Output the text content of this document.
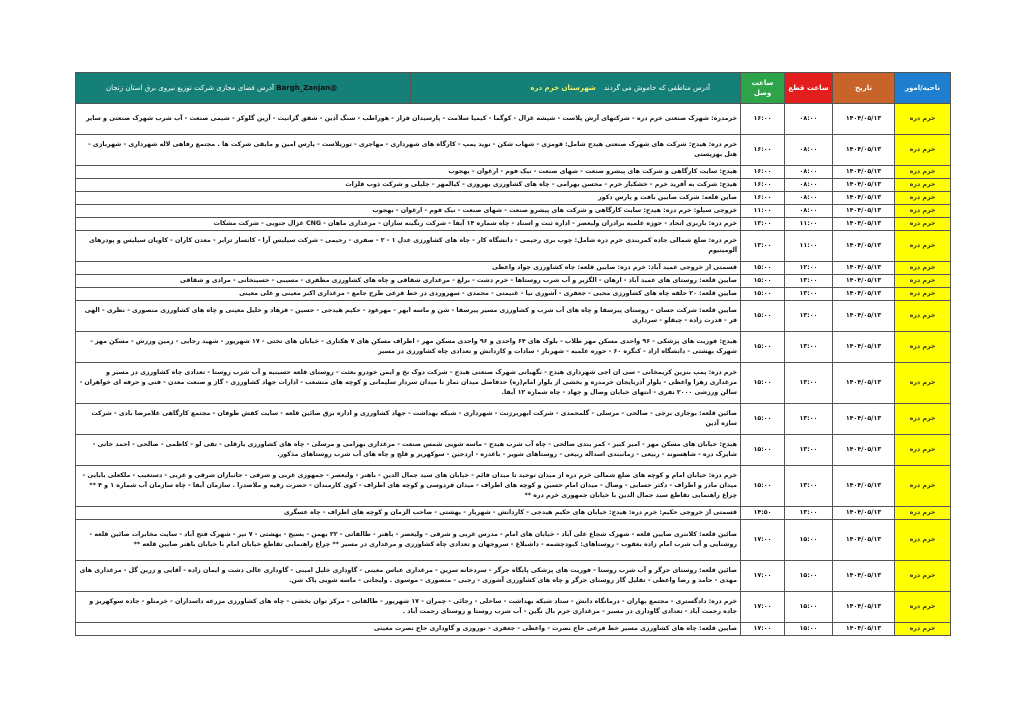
ناحیه/امور	تاریخ	ساعت قطع	ساعت وصل	آدرس مناطقی که خاموش می گردند شهرستان خرم دره	@Bargh_Zanjan آدرس فضای مجازی شرکت توزیع نیروی برق استان زنجان
خرم دره	۱۴۰۴/۰۵/۱۳	۰۸:۰۰	۱۶:۰۰	خرمدره: شهرک صنعتی خرم دره - شرکتهای آرش پلاست - شیشه غزال - کوگما - کیمیا سلامت - پارسیدان فراز - هوراطب - سنگ آذین - شقق گرانیت - آرین گلوکز - شیمی صنعت - آب شرب شهرک صنعتی و سایر	
خرم دره	۱۴۰۴/۰۵/۱۳	۰۸:۰۰	۱۶:۰۰	خرم دره: هیدج: شرکت های شهرک صنعتی هیدج شامل: قومزی - شهاب شکن - نوید پمپ - کارگاه های شهرداری - مهاجری - توریلاست - پارس امین و مابقی شرکت ها . مجتمع رفاهی لاله شهرداری - شهربازی - هتل بهزیستی	
خرم دره	۱۴۰۴/۰۵/۱۳	۰۸:۰۰	۱۶:۰۰	هیدج: سایت کارگاهی و شرکت های پیشرو صنعت - شهای صنعت - نیک فوم - ارغوان - بهجوب	
خرم دره	۱۴۰۴/۰۵/۱۳	۰۸:۰۰	۱۶:۰۰	هیدج: شرکت به آفرید خرم - خشکبار خرم - محسن بهرامی - چاه های کشاورزی بهروزی - کیالمهر - جلیلی و شرکت ذوب فلزات	
خرم دره	۱۴۰۴/۰۵/۱۳	۰۸:۰۰	۱۶:۰۰	صاین قلعه: شرکت صایین بافت و پارس دکور	
خرم دره	۱۴۰۴/۰۵/۱۳	۰۸:۰۰	۱۱:۰۰	خروجی سیلو: خرم دره: هیدج: سایت کارگاهی و شرکت های پیشرو صنعت - شهای صنعت - نیک فوم - ارغوان - بهجوب	
خرم دره	۱۴۰۴/۰۵/۱۳	۱۱:۰۰	۱۳:۰۰	خرم دره: باربری اتحاد - حوزه علمیه برادران ولیعصر - اداره ثبت و اسناد - چاه شماره ۱۴ آبفا - شرکت رنگینه سازان - مرغداری ماهان - CNG غزال جنوبی - شرکت مشکات	
خرم دره	۱۴۰۴/۰۵/۱۳	۱۱:۰۰	۱۳:۰۰	خرم دره: ضلع شمالی جاده کمربندی خرم دره شامل: چوب بری رحیمی - دانشگاه کار - چاه های کشاورزی عدل ۱ - ۲ - صفری - رحیمی - شرکت سیلیس آرا - کانسار ترابر - معدن کاران - کاویان سیلیس و پودرهای آلومینیوم	
خرم دره	۱۴۰۴/۰۵/۱۳	۱۲:۰۰	۱۵:۰۰	قسمتی از خروجی عمید آباد: خرم دره: صایین قلعه: چاه کشاورزی جواد واعظی	
خرم دره	۱۴۰۴/۰۵/۱۳	۱۳:۰۰	۱۵:۰۰	صایین قلعه: روستای های عمید آباد - ارهان - الگزیر و آب شرب روستاها - خرم دشت - برلغ - مرغداری شقاقی و چاه های کشاورزی مظفری - مسیبی - حسینخانی - مرادی و شقاقی	
خرم دره	۱۴۰۴/۰۵/۱۳	۱۳:۰۰	۱۵:۰۰	صایین قلعه: ۲۰ حلقه چاه های کشاورزی محبی - جعفری - آشوری نیا - غنیمتی - محمدی - سهروردی در خط فرعی طرح جامع - مرغداری اکبر معینی و علی معینی	
خرم دره	۱۴۰۴/۰۵/۱۳	۱۳:۰۰	۱۵:۰۰	صایین قلعه: شرکت حسان - روستای پیرسقا و چاه های آب شرب و کشاورزی مسیر پیرسقا - شن و ماسه ابهر - مهرعود - حکیم هیدجی - حسین - فرهاد و خلیل معینی و چاه های کشاورزی منصوری - نظری - الهی فر - قدرت زاده - چیقلو - سرداری	
خرم دره	۱۴۰۴/۰۵/۱۳	۱۳:۰۰	۱۵:۰۰	هیدج: فوریت های پزشکی - ۹۶ واحدی مسکن مهر طلاب - بلوک های ۶۴ واحدی و ۹۶ واحدی مسکن مهر - اطراف مسکن های ۷ هکتاری - خیابان های تختی - ۱۷ شهریور - شهید رجایی - زمین ورزش - مسکن مهر - شهرک بهشتی - دانشگاه ازاد - کنگره ۶۰ - حوزه علمیه - شهربار - سادات و کاردانش و تعدادی چاه کشاورزی در مسیر	
خرم دره	۱۴۰۴/۰۵/۱۳	۱۳:۰۰	۱۵:۰۰	خرم دره: پمپ بنزین کریمخانی - سی ان اجی شهرداری هیدج - نگهبانی شهرک صنعتی هیدج - شرکت دوک نخ و ایمن خودرو بعثت - روستای قلعه حسینیه و آب شرب روستا - تعدادی چاه کشاورزی در مسیر و مرغداری زهرا واعظی - بلوار آذربایجان خرمدره و بخشی از بلوار امام(ره) حدفاصل میدان نماز تا میدان سردار سلیمانی و کوچه های منشعب - ادارات جهاد کشاورزی - گاز و صنعت معدن - فنی و حرفه ای خواهران - سالن ورزشی ۲۰۰۰ نفری - انتهای خیابان وصال و جهاد - چاه شماره ۱۲ آبفا.	
خرم دره	۱۴۰۴/۰۵/۱۳	۱۳:۰۰	۱۵:۰۰	صائین قلعه: بوجاری برجی - صالحی - مرسلی - گلمحمدی - شرکت ابهربرزنت - شهرداری - شبکه بهداشت - جهاد کشاورزی و اداره برق صائین قلعه - سایت کفش طوفان - مجتمع کارگاهی غلامرضا بادی - شرکت سازه آذین	
خرم دره	۱۴۰۴/۰۵/۱۳	۱۳:۰۰	۱۵:۰۰	هیدج: خیابان های مسکن مهر - امیر کبیر - کمر بندی صالحی - چاه آب شرب هیدج - ماسه شویی شمس صنعت - مرغداری بهرامی و مرسلی - چاه های کشاورزی یارقلی - تقی لو - کاظمی - صالحی - احمد خانی - شایرک دره - شاهسوند - ربیعی - زمانبندی اسداله ربیعی - روستاهای شویر - باغدره - اردجین - سوکهریز و قلج و چاه های آب شرب روستاهای مذکور.	
خرم دره	۱۴۰۴/۰۵/۱۳	۱۳:۰۰	۱۵:۰۰	خرم دره: خیابان امام و کوچه های ضلع شمالی خرم دره از میدان توحید تا میدان قائم - خیابان های سید جمال الدین - باهنر - ولیعصر - جمهوری غربی و شرقی - جانبازان شرقی و غربی - دستغیب - ملکعلی بابایی - میدان مادر و اطراف - دکتر حسابی - وصال - میدان امام حسین و کوچه های اطراف - میدان فردوسی و کوچه های اطراف - کوی کارمندان - حضرت رقیه و ملاصدرا . سازمان آبفا - چاه سازمان آب شماره ۱ و ۴ ** چراغ راهنمایی تقاطع سید جمال الدین با خیابان جمهوری خرم دره **	
خرم دره	۱۴۰۴/۰۵/۱۳	۱۳:۰۰	۱۴:۵۰	قسمتی از خروجی حکیم: خرم دره: هیدج: خیابان های حکیم هیدجی - کاردانش - شهریار - بهشتی - صاحب الزمان و کوچه های اطراف - چاه عسگری	
خرم دره	۱۴۰۴/۰۵/۱۳	۱۵:۰۰	۱۷:۰۰	صائین قلعه: کلانتری صایین قلعه - شهرک شجاع علی آباد - خیابان های امام - مدرس غربی و شرقی - ولیعصر - باهنر - طالقانی - ۲۲ بهمن - بسیج - بهشتی - ۷ تیر - شهرک فتح آباد - سایت مخابرات صائین قلعه - روشنایی و آب شرب امام زاده یعقوب - روستاهای: کبودچشمه - داشبلاغ - سروجهان و تعدادی چاه کشاورزی و مرغداری در مسیر ** چراغ راهنمایی تقاطع خیابان امام با خیابان باهنر صایین قلعه **	
خرم دره	۱۴۰۴/۰۵/۱۳	۱۵:۰۰	۱۷:۰۰	صائین قلعه: روستای جرگر و آب شرب روستا - فوریت های پزشکی پایگاه جرگر - سردخانه سرین - مرغداری عباس معینی - گاوداری خلیل امینی - گاوداری عالی دشت و ایمان زاده - آقایی و زرین گل - مرغداری های مهدی - حامد و رضا واعظی - تقلیل گاز روستای جرگر و چاه های کشاورزی آشوری - رجبی - منصوری - موسوی . ولیجانی - ماسه شویی پاک شن.	
خرم دره	۱۴۰۴/۰۵/۱۳	۱۵:۰۰	۱۷:۰۰	خرم دره: دادگستری - مجتمع بهاران - درمانگاه دانش - ستاد شبکه بهداشت - ساحلی - رجائی - چمران - ۱۷ شهریور - طالقانی - مرکز توان بخشی - چاه های کشاورزی مزرعه داسداران - خرمنلو - جاده سوکهریز و جاده رحمت آباد - تعدادی گاوداری در مسیر - مرغداری خرم بال نگین - آب شرب روستا و روستای رحمت آباد .	
خرم دره	۱۴۰۴/۰۵/۱۳	۱۵:۰۰	۱۷:۰۰	صایین قلعه: چاه های کشاورزی مسیر خط فرعی حاج نصرت - واعظی - جعفری - نوروزی و گاوداری حاج نصرت معینی	
